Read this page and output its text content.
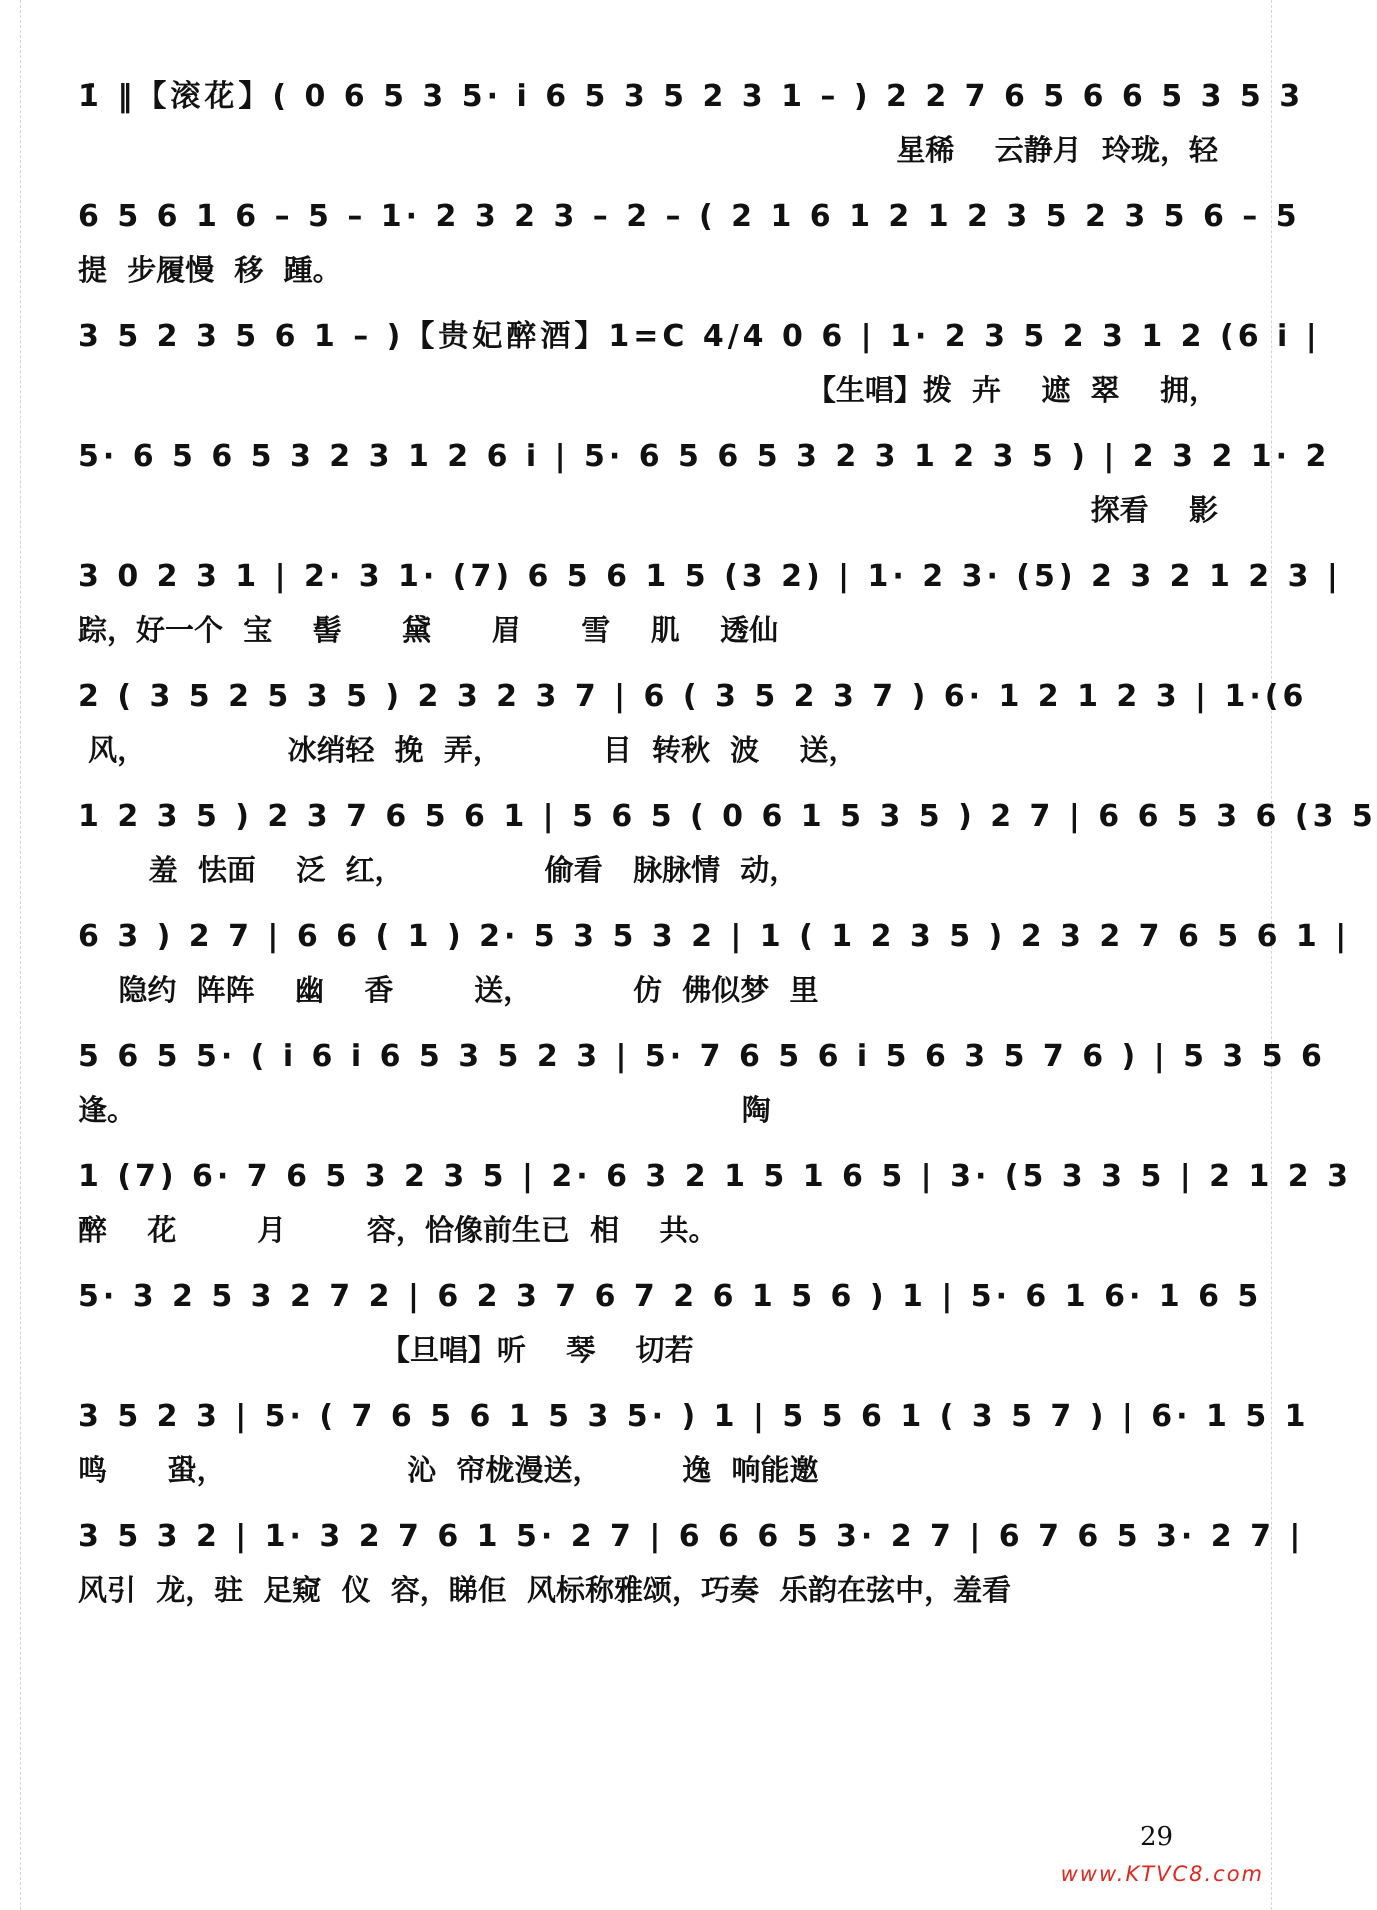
1̇ ‖【滚花】( 0 6 5 3 5· i̇ 6 5 3 5 2 3 1 – ) 2 2 7 6 5 6 6 5 3 5 3
星稀    云静月  玲珑，轻
6 5 6 1 6 – 5 – 1· 2 3 2 3 – 2 – ( 2 1 6 1 2 1 2 3 5 2 3 5 6 – 5
提  步履慢  移  踵。
3 5 2 3 5 6 1 – )【贵妃醉酒】1=C 4/4 0 6 | 1· 2 3 5 2 3 1 2 (6 i̇ |
【生唱】拨  卉    遮  翠    拥，
5· 6 5 6 5 3 2 3 1 2 6 i̇ | 5· 6 5 6 5 3 2 3 1 2 3 5 ) | 2 3 2 1· 2
探看    影
3 0 2 3 1 | 2· 3 1· (7) 6 5 6 1 5 (3 2) | 1· 2 3· (5) 2 3 2 1 2 3 |
踪，好一个  宝    髻      黛      眉      雪    肌    透仙
2 ( 3 5 2 5 3 5 ) 2 3 2 3 7 | 6 ( 3 5 2 3 7 ) 6· 1 2 1 2 3 | 1·(6
风，              冰绡轻  挽  弄，          目  转秋  波    送，
1 2 3 5 ) 2 3 7 6 5 6 1 | 5 6 5 ( 0 6 1 5 3 5 ) 2 7 | 6 6 5 3 6 (3 5
羞  怯面    泛  红，              偷看   脉脉情  动，
6 3 ) 2 7 | 6 6 ( 1 ) 2· 5 3 5 3 2 | 1 ( 1 2 3 5 ) 2 3 2 7 6 5 6 1 |
隐约  阵阵    幽    香        送，          仿  佛似梦  里
5 6 5 5· ( i̇ 6 i̇ 6 5 3 5 2 3 | 5· 7 6 5 6 i̇ 5 6 3 5 7 6 ) | 5 3 5 6
逢。                                                            陶
1 (7) 6· 7 6 5 3 2 3 5 | 2· 6 3 2 1 5 1 6 5 | 3· (5 3 3 5 | 2 1 2 3
醉    花        月        容，恰像前生已  相    共。
5· 3 2 5 3 2 7 2 | 6 2 3 7 6 7 2 6 1 5 6 ) 1 | 5· 6 1 6· 1 6 5
【旦唱】听    琴    切若
3 5 2 3 | 5· ( 7 6 5 6 1 5 3 5· ) 1 | 5 5 6 1 ( 3 5 7 ) | 6· 1 5 1
鸣      蛩，                  沁  帘栊漫送，        逸  响能邀
3 5 3 2 | 1· 3 2 7 6 1 5· 2 7 | 6 6 6 5 3· 2 7 | 6 7 6 5 3· 2 7 |
风引  龙，驻  足窥  仪  容，睇佢  风标称雅颂，巧奏  乐韵在弦中，羞看
29
www.KTVC8.com
